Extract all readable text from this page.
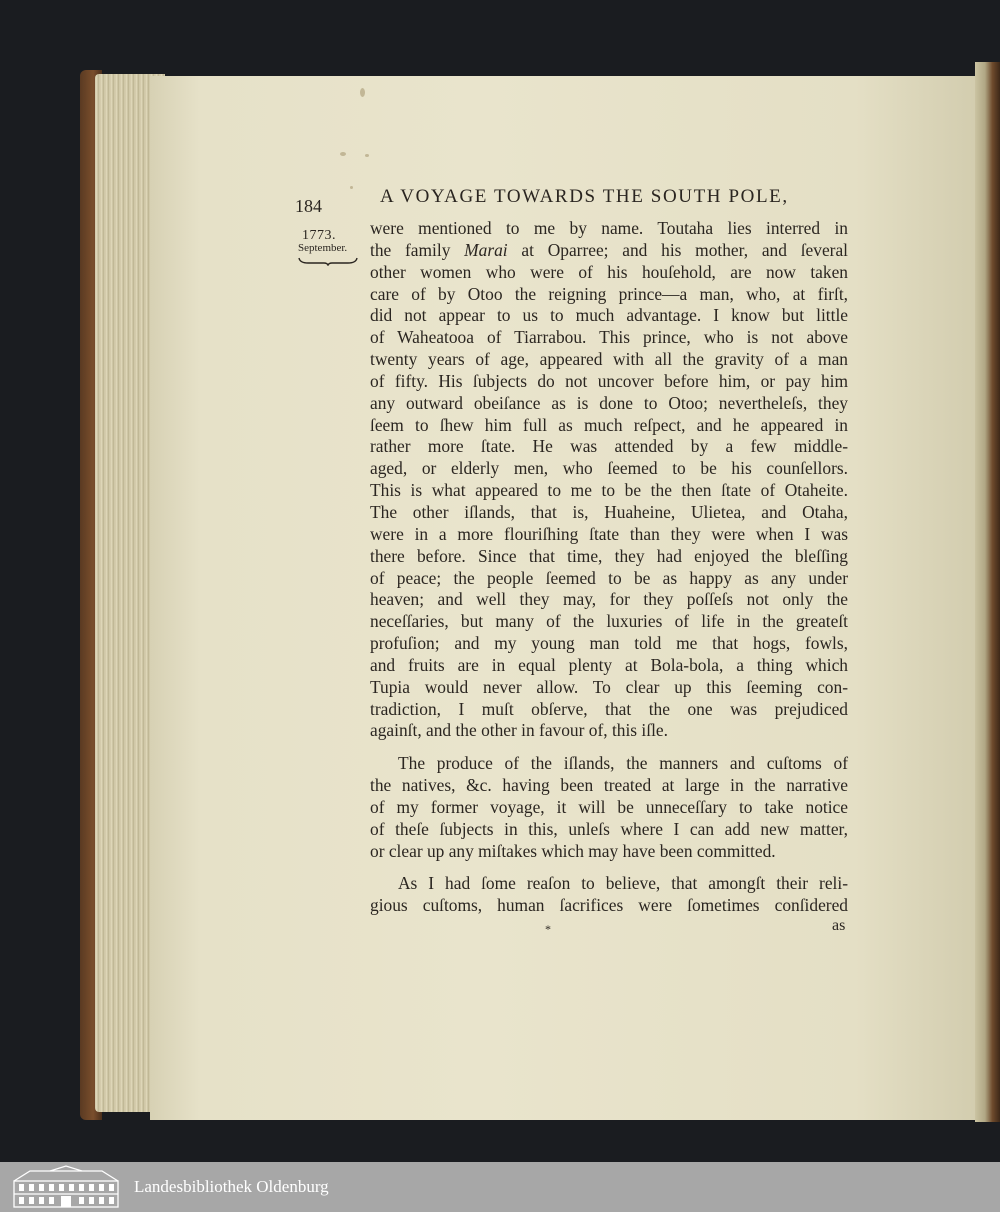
184	A VOYAGE TOWARDS THE SOUTH POLE,
1773.
September.
were mentioned to me by name. Toutaha lies interred in
the family Marai at Oparree; and his mother, and ſeveral
other women who were of his houſehold, are now taken
care of by Otoo the reigning prince—a man, who, at firſt,
did not appear to us to much advantage. I know but little
of Waheatooa of Tiarrabou. This prince, who is not above
twenty years of age, appeared with all the gravity of a man
of fifty. His ſubjects do not uncover before him, or pay him
any outward obeiſance as is done to Otoo; nevertheleſs, they
ſeem to ſhew him full as much reſpect, and he appeared in
rather more ſtate. He was attended by a few middle-
aged, or elderly men, who ſeemed to be his counſellors.
This is what appeared to me to be the then ſtate of Otaheite.
The other iſlands, that is, Huaheine, Ulietea, and Otaha,
were in a more flouriſhing ſtate than they were when I was
there before. Since that time, they had enjoyed the bleſſing
of peace; the people ſeemed to be as happy as any under
heaven; and well they may, for they poſſeſs not only the
neceſſaries, but many of the luxuries of life in the greateſt
profuſion; and my young man told me that hogs, fowls,
and fruits are in equal plenty at Bola-bola, a thing which
Tupia would never allow. To clear up this ſeeming con-
tradiction, I muſt obſerve, that the one was prejudiced
againſt, and the other in favour of, this iſle.
The produce of the iſlands, the manners and cuſtoms of
the natives, &c. having been treated at large in the narrative
of my former voyage, it will be unneceſſary to take notice
of theſe ſubjects in this, unleſs where I can add new matter,
or clear up any miſtakes which may have been committed.
As I had ſome reaſon to believe, that amongſt their reli-
gious cuſtoms, human ſacrifices were ſometimes conſidered
*	as
Landesbibliothek Oldenburg
